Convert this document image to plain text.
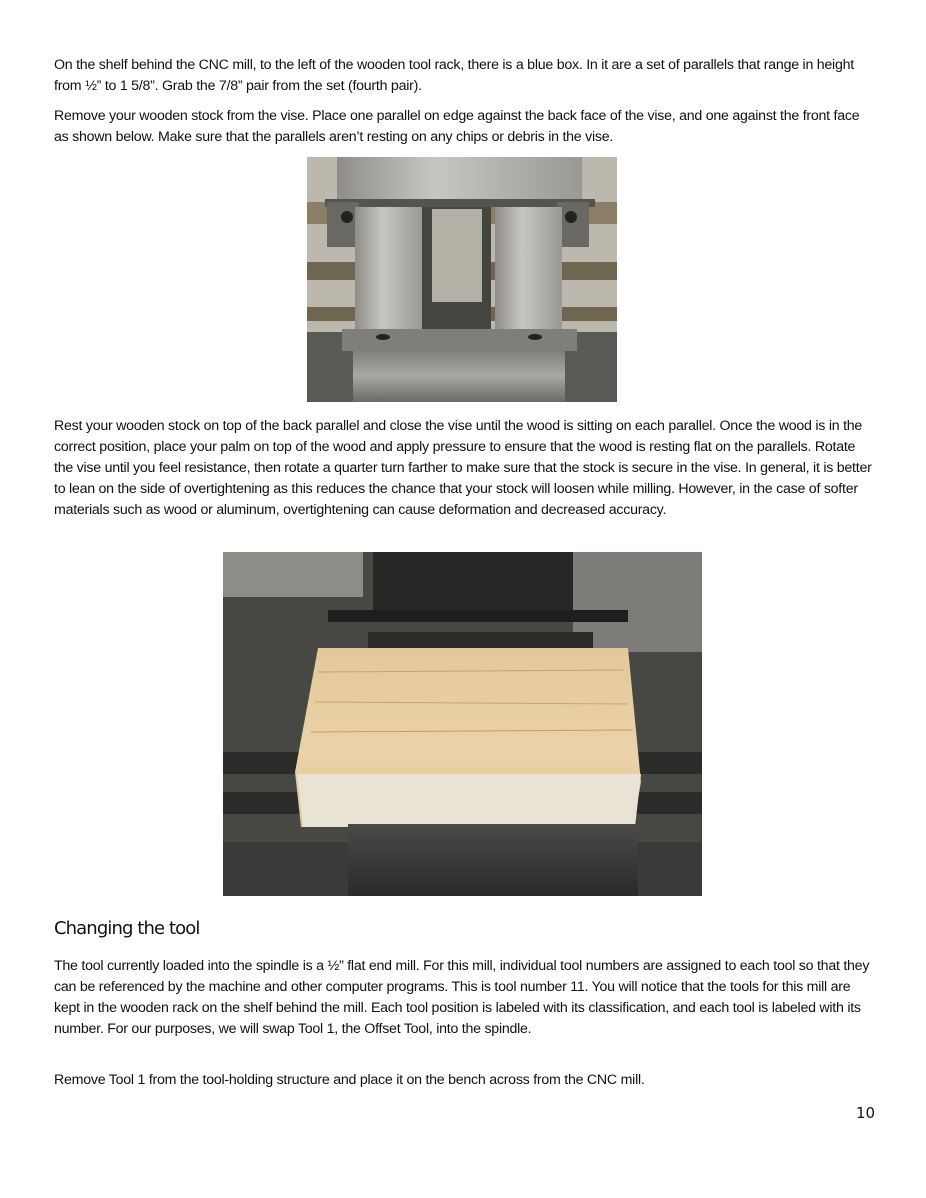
On the shelf behind the CNC mill, to the left of the wooden tool rack, there is a blue box. In it are a set of parallels that range in height from ½” to 1 5/8”. Grab the 7/8” pair from the set (fourth pair).

Remove your wooden stock from the vise. Place one parallel on edge against the back face of the vise, and one against the front face as shown below. Make sure that the parallels aren’t resting on any chips or debris in the vise.

Rest your wooden stock on top of the back parallel and close the vise until the wood is sitting on each parallel. Once the wood is in the correct position, place your palm on top of the wood and apply pressure to ensure that the wood is resting flat on the parallels. Rotate the vise until you feel resistance, then rotate a quarter turn farther to make sure that the stock is secure in the vise. In general, it is better to lean on the side of overtightening as this reduces the chance that your stock will loosen while milling. However, in the case of softer materials such as wood or aluminum, overtightening can cause deformation and decreased accuracy.

Changing the tool

The tool currently loaded into the spindle is a ½” flat end mill. For this mill, individual tool numbers are assigned to each tool so that they can be referenced by the machine and other computer programs. This is tool number 11. You will notice that the tools for this mill are kept in the wooden rack on the shelf behind the mill. Each tool position is labeled with its classification, and each tool is labeled with its number. For our purposes, we will swap Tool 1, the Offset Tool, into the spindle.

Remove Tool 1 from the tool-holding structure and place it on the bench across from the CNC mill.

10
